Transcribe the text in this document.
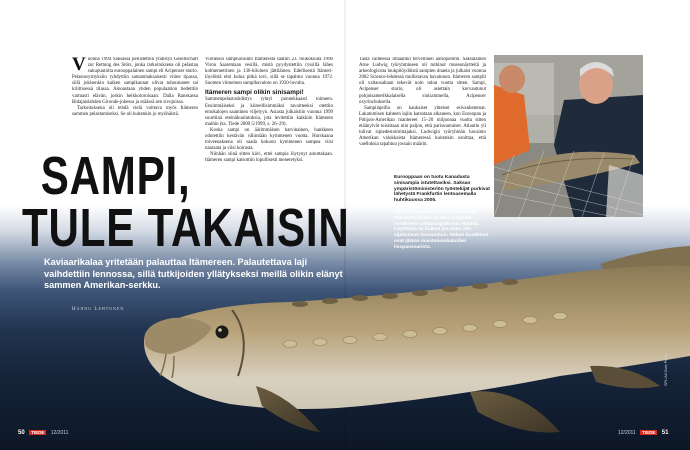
Vuonna 1994 Saksassa perustettiin yhdistys Gesellschaft zur Rettung des Störs, jonka tarkoituksena oli pelastaa sukupuutolta eurooppalainen sampi eli Acipenser sturio. Pelastusyrityksiin ryhdyttiin samanmaksaisesti viime tipassa, sillä jokisenkin kaiken samplkannat olivat tuhoutuneet tai kriittisessä tilassa. Ainoastaan yhden populaation tiedettiin varmasti elävän, joskin heikkotoroisaan: Dalla Ranskassa Bidajaislahden Gironde-jokessa ja eräässä sen sivujoissa.

Tarkoituksena oli tehdä vielä voittava myös Itämeren sammen pelastamiseksi. Se oli kuitenkin jo myöhäistä.

Viimeisin samphavainto Itämerestä saatiin 23. toukokuuta 1996 Viron Saaremaan vesillä, mistä pyydystettiin ryssillä lähes kolmemetrinen ja 136-kiloinen jättiläinen. Edellisestä Itämeri-löydöstä ehti kulua pitkä tovi, sillä se tapahtui vuonna 1972. Suomen viimeinen samplhavainto on 1930-luvulta.

Itämeren sampi olikin sinisampi!

Sammenpelastushdistys ryhtyi ponnekkaasti toimeen. Ensimmäiseksi ja kiireellisimmäksi tavoitteeksi otettiin emokalojen saaminen viljelyyn. Asiasta julkaistiin vuonna 1999 suurtiinä eteinäkuulutuksia, jota levitettiin kaikkiin Itämeren maihin (ks. Tiede 2000 5/1999, s. 26–29).

Koska sampi on äärimmäisen harvinainen, hankkeen odotettiin kestävän vähintään kymmenen vuotta. Hurskaana toiveenaksena oli saada kokoon kymmenen sampea viisi naaraata ja viisi koirasta.

Niinhän siinä sitten kävi, ettei sampia löytynyt ainuttakaan. Itämeren sampi katsottiin lopullisesti menetetyksi.

Tästä valheessa ilmaantui tervellinen autiopommi. Saksalainen Arne Ludwig työryhmineen oli tutkinut museonäytteitä ja arkeologisista luukpilöydöistä sampien dnaeta ja julkaisi vuonna 2002 Science-lehdessä mullistavan havainnon. Itämeren samplit oli valtaosaltaan tekevät noin tuhat vuotta sitten. Sampi, Acipenser sturio, oli asiettain korvautunut pohjoisamerikkalaisella sinisammella, Acipenser oxyrinchuksella.

Sampilajeilla on kaukaiset yhteiset esivanhemmat. Lakatumisen kahteen lajiin katsotaan alkaneen, kun Euroopan ja Pohjois-Amerikan mantereet 15–20 miljoonaa vuotta sitten etäänyivät toisistaan niin paljon, että parisuuntaiset. Atlantin yli tulivat sipiedestoimittajaksi. Ludwigin työryhmän havainto Amerikan valokkaista Itämeressä kuitenkin osoittaa, että vaelluksia tapahtuu jossain määrin.

SAMPI,
TULE TAKAISIN
Eurooppaan on tuotu Kanadasta sinisampia istutettaviksi. Saksan ympäristöministeriön työntekijät purkivat lähetystä Frankfurtin lentoasemalla huhtikuussa 2005.
Sampi voi kasvaa yli neljmetriseksi. Viikoväitysillään se etsii pohjasta ravukseen selkärangattomia eläimiä. Löytöissä se kulkee jos pään alle sijaitsevan imusuuhun. Nokan kuukkiset ovat jälänn maistelusokaluiden lisopanssarista.
Kaviaarikalaa yritetään palauttaa Itämereen. Palautettava laji vaihdettiin lennossa, sillä tutkijoiden yllätykseksi meillä olikin elänyt sammen Amerikan-serkku.
Hannu Lehtonen
SPL/All Over Press
50 TIEDE 12/2011	12/2011 TIEDE 51
